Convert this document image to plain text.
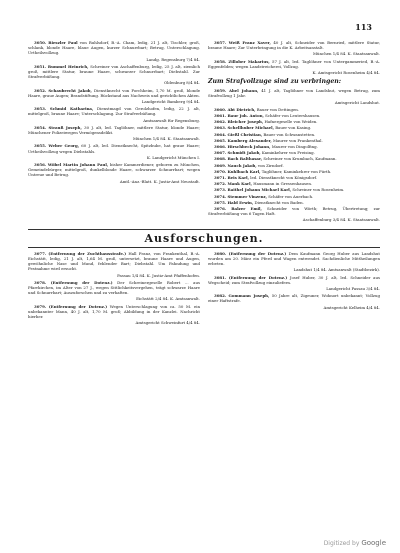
113

3050. Rieszler Paul von Ruhlsdorf, B.-A. Cham, ledig, 21 J. alt, Tischler, groß, schlank, blonde Haare, blaue Augen, kurzer Schnurrbart; Betrug, Unterschlagung. Urtheilsvollzug.

Landg. Regensburg 7/4 84.

3051. Rummel Heinrich, Schreiner von Aschaffenburg, ledig, 25 J. alt, ziemlich groß, mittlere Statur, braune Haare, schwarzer Schnurrbart; Diebstahl. Zur Strafverbüßung.

Oldenburg 8/4 84.

3052. Schaubrecht Jakob, Dienstknecht von Forchheim, 1,70 M. groß, blonde Haare, graue Augen; Brandstiftung. Rückstand aus Nachweis und gerichtlichen Akten.

Landgericht Bamberg 9/4 84.

3053. Schmid Katharina, Dienstmagd von Gerolzhofen, ledig, 22 J. alt, mittelgroß, braune Haare; Unterschlagung. Zur Strafverbüßung.

Amtsanwalt für Regensburg.

3054. Strauß Joseph, 30 J. alt, led. Taglöhner, mittlere Statur, blonde Haare; Münchener Polizeiwegen Vermögensdelikt.

München 1/4 84. K. Staatsanwalt.

3055. Weber Georg, 60 J. alt, led. Dienstknecht, Spitzbube, hat graue Haare; Urtheilsvollzug wegen Diebstahls.

K. Landgericht München I.

3056. Wöbel Martin Johann Paul, bisher Kammerdiener, geboren zu München, Gemeindebürger, mittelgroß, dunkelblonde Haare, schwarzer Schnurrbart; wegen Untreue und Betrug.

Amtl.-Anz.-Blatt. K. Justiz-Amt Neustadt.

3057. Weiß Franz Xaver, 40 J. alt, Schneider von Bernried, mittlere Statur, braune Haare; Zur Unterbringung in die K. Arbeitsanstalt.

München 1/4 84. K. Staatsanwalt.

3058. Zillober Makarius, 57 J. alt, led. Taglöhner von Untergammeried, B.-A. Eggenfelden; wegen Landstreicherei, Vollzug.

K. Amtsgericht Rosenheim 4/4 84.
Zum Strafvollzuge sind zu verbringen:

3059. Abel Johann, 41 J. alt, Taglöhner von Landshut, wegen Betrug, zum Strafvollzug 1 Jahr.

Amtsgericht Landshut.

3060. Abt Dietrich, Bauer von Dettingen.

3061. Baur Joh. Anton, Schäfer von Leutershausen.

3062. Bleicher Joseph, Hafnergeselle von Weiden.

3063. Schellhuber Michael, Bauer von Kasing.

3064. Gießl Christian, Bauer von Schwanstetten.

3065. Kamberg Alexander, Maurer von Frankenthal.

3066. Hirschbeck Johann, Maurer von Dingolfing.

3067. Schmidt Jakob, Kaminkehrer von Freising.

3068. Bach Balthasar, Schreiner von Krumbach, Kaufmann.

3069. Nauch Jakob, von Zirndorf.

3070. Kuhlbach Karl, Taglöhner, Kaminkehrer von Fürth.

3071. Reis Karl, led. Dienstknecht von Königsdorf.

3072. Mank Karl, Hausmann in Gressenhausen.

3073. Raithel Johann Michael Karl, Schreiner von Rosenheim.

3074. Stemmer Vinzenz, Schäfer von Auerbach.

3075. Hald Erwin, Dienstknecht von Baden.

3076. Balzer Emil, Schneider von Wörth; Betrug, Übertretung; zur Strafverbüßung von 6 Tagen Haft.

Aschaffenburg 3/4 84. K. Staatsanwalt.
Ausforschungen.

3077. (Entfernung der Zuchthausstrafe.) Hall Franz, von Frankenthal, B.-A. Eichstätt, ledig, 21 J. alt, 1,64 M. groß, untersetzt, braune Haare und Augen, gewöhnliche Nase und Mund, fehlender Bart; Diebstahl. Um Fahndung und Festnahme wird ersucht.

Passau 1/4 84. K. Justiz-Amt Pfaffenhofen.

3078. (Entfernung der Dotenz.) Der Schreinergeselle Robert ... aus Pfarrkirchen, im Alter von 27 J., wegen Sittlichkeitsvergehen, trägt schwarze Haare und Schnurrbart; Auszuforschen und zu verhaften.

Eichstätt 2/4 84. K. Amtsanwalt.

3079. (Entfernung der Dotenz.) Wegen Unterschlagung von ca. 50 M. ein unbekannter Mann, 40 J. alt, 1,70 M. groß; Abbildung in der Kanzlei. Nachricht hierher.

Amtsgericht Schweinfurt 4/4 84.

3080. (Entfernung der Dotenz.) Dem Kaufmann Georg Huber aus Landshut wurden am 20. März ein Pferd und Wagen entwendet. Sachdienliche Mittheilungen erbeten.

Landshut 1/4 84. Amtsanwalt (Stadtbezirk).

3081. (Entfernung der Dotenz.) Josef Huber, 30 J. alt, led. Schneider aus Wegscheid; zum Strafvollzug einzuliefern.

Landgericht Passau 3/4 84.

3082. Gommann Joseph, 50 Jahre alt, Zigeuner, Wohnort unbekannt; Vollzug einer Haftstrafe.

Amtsgericht Kelheim 4/4 84.
Digitized by Google
